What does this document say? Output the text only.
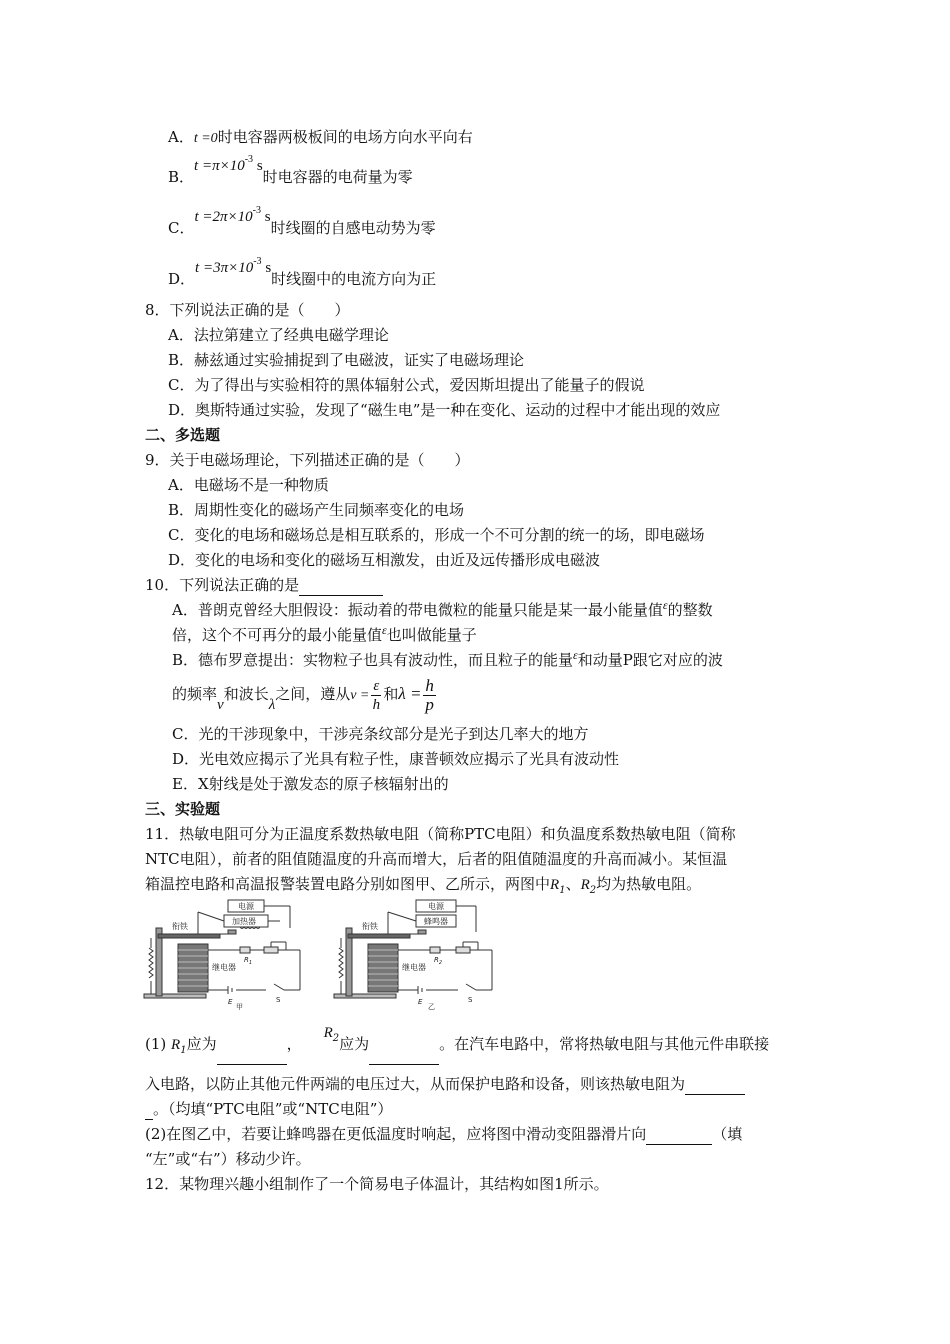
A．t =0时电容器两极板间的电场方向水平向右
B．$t =\pi\times 10^{-3}$ s时电容器的电荷量为零
C．$t =2\pi\times 10^{-3}$ s时线圈的自感电动势为零
D．$t =3\pi\times 10^{-3}$ s时线圈中的电流方向为正
8．下列说法正确的是（　　）
A．法拉第建立了经典电磁学理论
B．赫兹通过实验捕捉到了电磁波，证实了电磁场理论
C．为了得出与实验相符的黑体辐射公式，爱因斯坦提出了能量子的假说
D．奥斯特通过实验，发现了“磁生电”是一种在变化、运动的过程中才能出现的效应
二、多选题
9．关于电磁场理论，下列描述正确的是（　　）
A．电磁场不是一种物质
B．周期性变化的磁场产生同频率变化的电场
C．变化的电场和磁场总是相互联系的，形成一个不可分割的统一的场，即电磁场
D．变化的电场和变化的磁场互相激发，由近及远传播形成电磁波
10．下列说法正确的是
A．普朗克曾经大胆假设：振动着的带电微粒的能量只能是某一最小能量值$^\varepsilon$的整数
倍，这个不可再分的最小能量值$^\varepsilon$也叫做能量子
B．德布罗意提出：实物粒子也具有波动性，而且粒子的能量$^\varepsilon$和动量P跟它对应的波
的频率ν和波长λ之间，遵从$\nu = \frac{\varepsilon}{h}$ 和$\lambda = \frac{h}{p}$
C．光的干涉现象中，干涉亮条纹部分是光子到达几率大的地方
D．光电效应揭示了光具有粒子性，康普顿效应揭示了光具有波动性
E．X射线是处于激发态的原子核辐射出的
三、实验题
11．热敏电阻可分为正温度系数热敏电阻（简称PTC电阻）和负温度系数热敏电阻（简称
NTC电阻），前者的阻值随温度的升高而增大，后者的阻值随温度的升高而减小。某恒温
箱温控电路和高温报警装置电路分别如图甲、乙所示，两图中$R_1$、$R_2$均为热敏电阻。
电源
加热器
衔铁
继电器
$R_1$
E	S
甲
电源
蜂鸣器
衔铁
继电器
$R_2$
E	S
乙
(1) $R_1$应为	，$R_2$应为	。在汽车电路中，常将热敏电阻与其他元件串联接
入电路，以防止其他元件两端的电压过大，从而保护电路和设备，则该热敏电阻为
。（均填“PTC电阻”或“NTC电阻”）
(2)在图乙中，若要让蜂鸣器在更低温度时响起，应将图中滑动变阻器滑片向	（填
“左”或“右”）移动少许。
12．某物理兴趣小组制作了一个简易电子体温计，其结构如图1所示。
